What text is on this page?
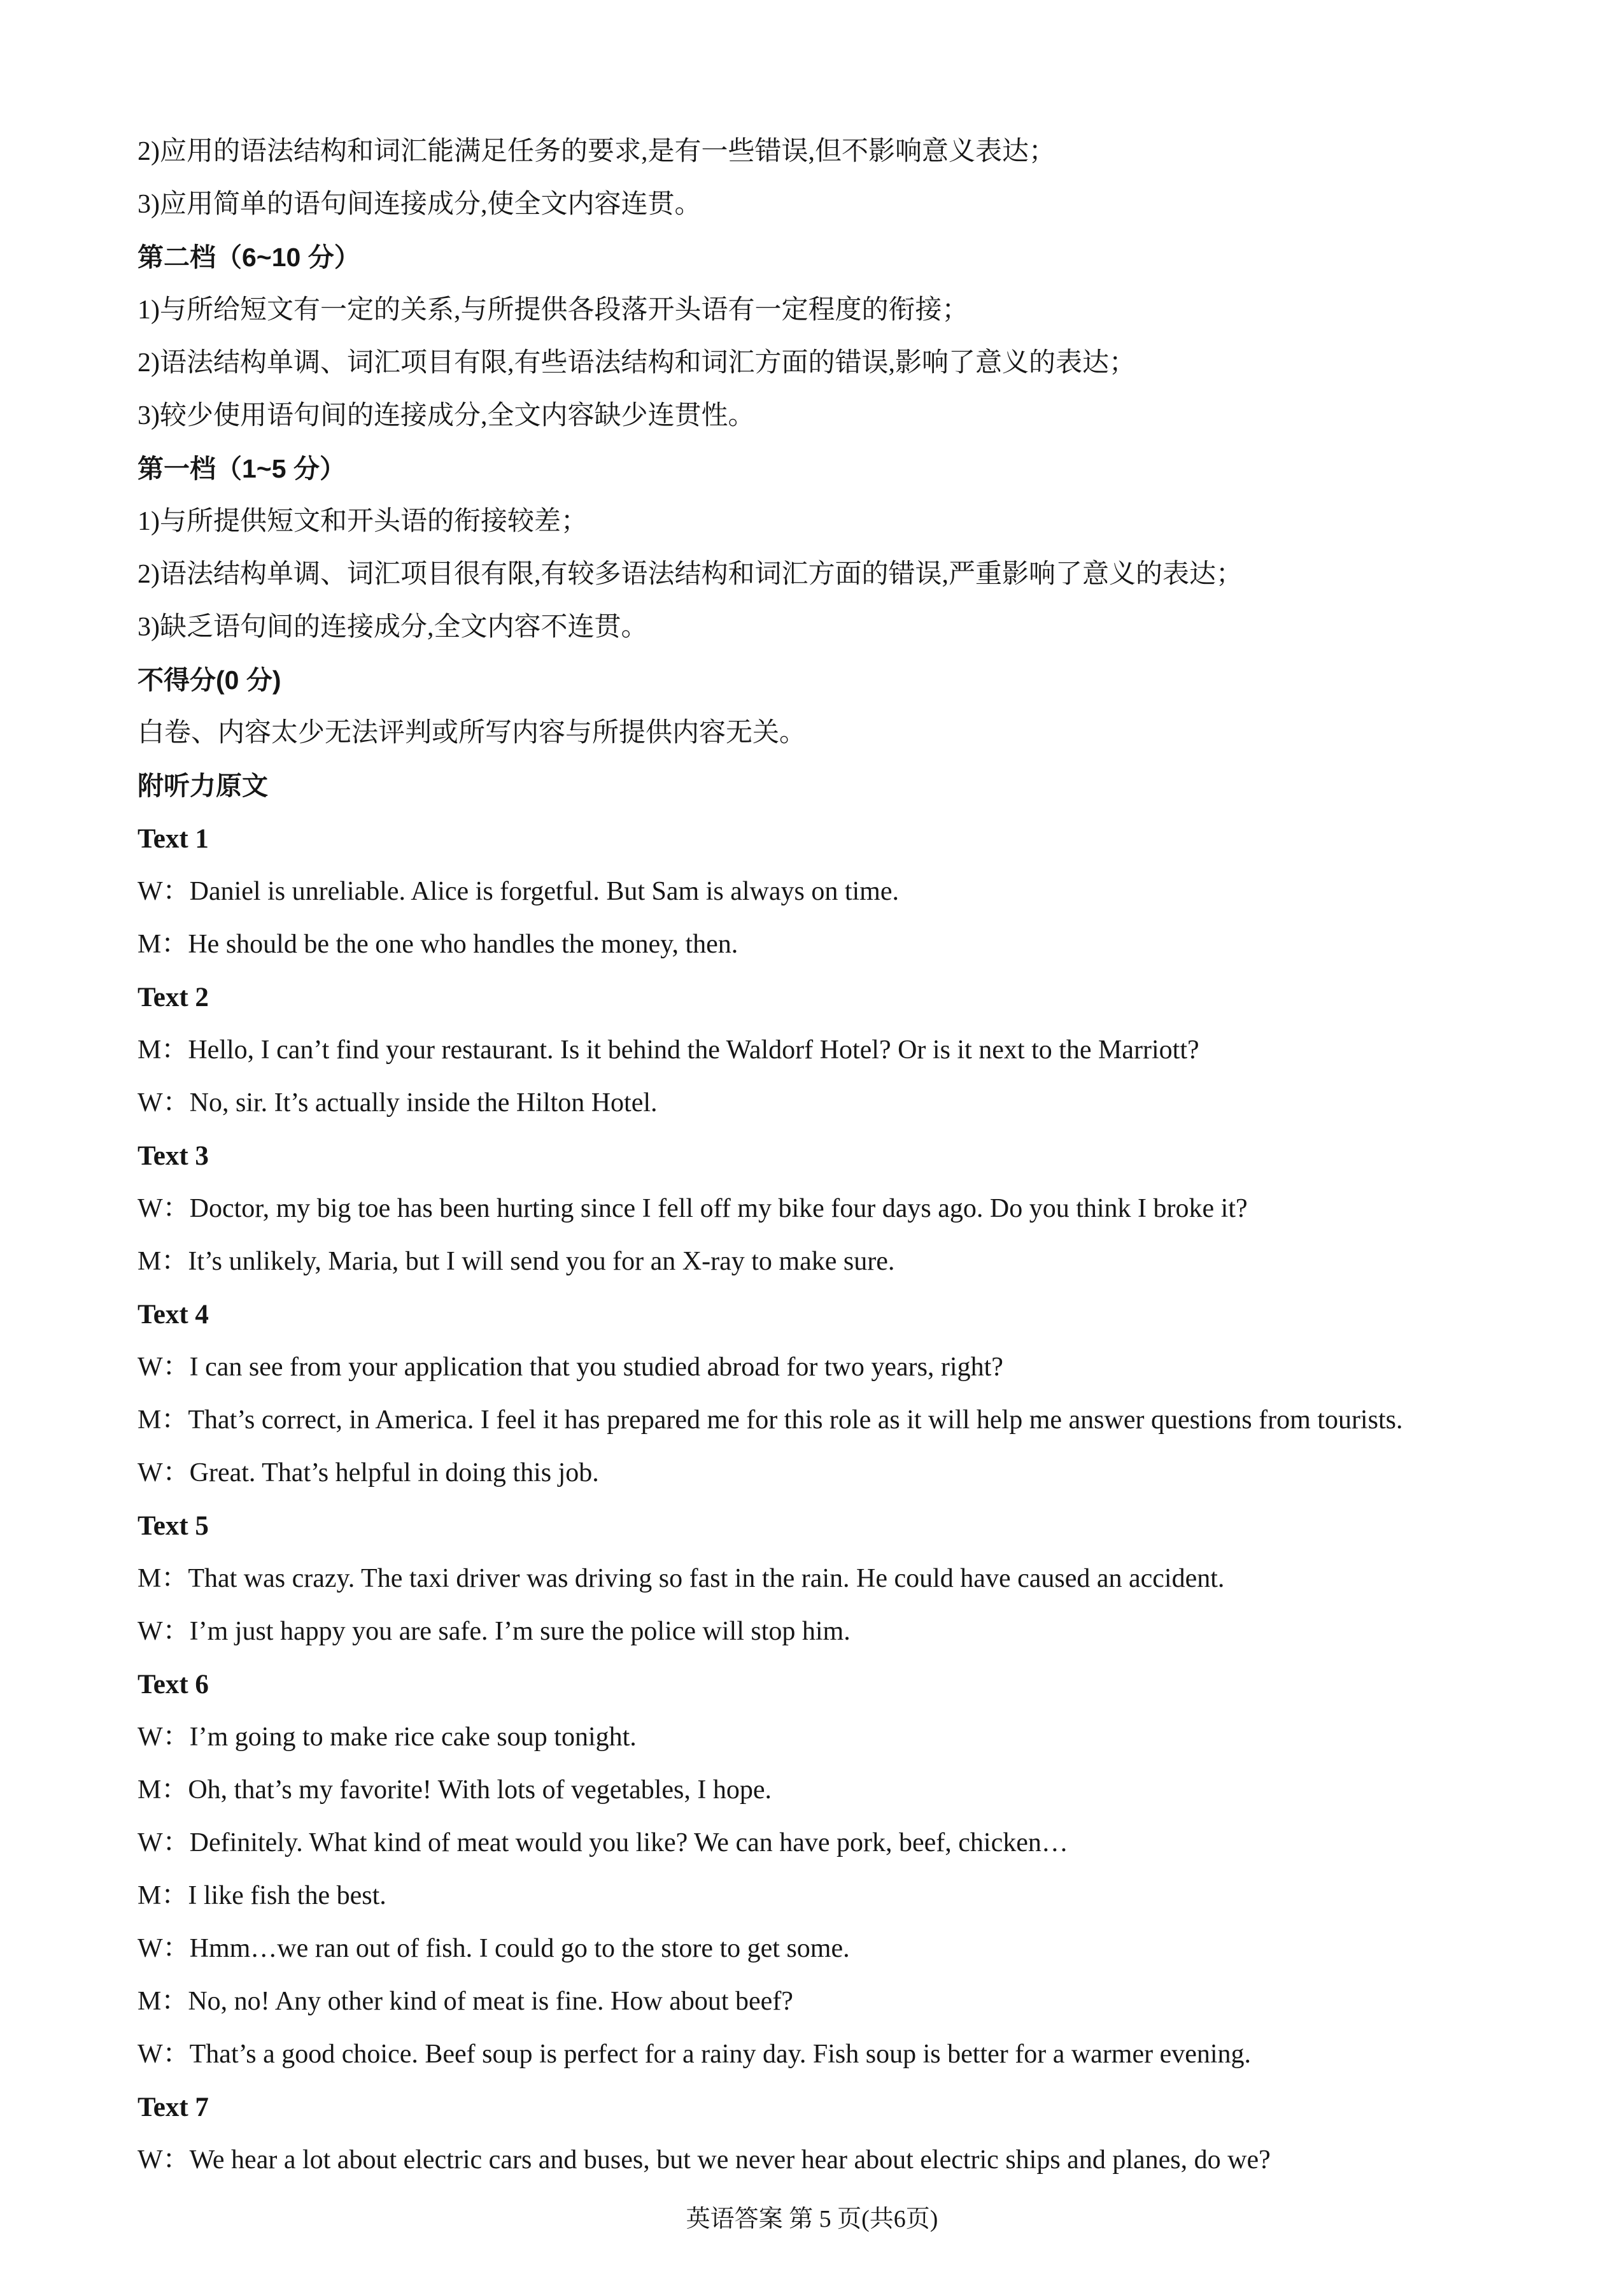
2)应用的语法结构和词汇能满足任务的要求,是有一些错误,但不影响意义表达；
3)应用简单的语句间连接成分,使全文内容连贯。
第二档（6~10 分）
1)与所给短文有一定的关系,与所提供各段落开头语有一定程度的衔接；
2)语法结构单调、词汇项目有限,有些语法结构和词汇方面的错误,影响了意义的表达；
3)较少使用语句间的连接成分,全文内容缺少连贯性。
第一档（1~5 分）
1)与所提供短文和开头语的衔接较差；
2)语法结构单调、词汇项目很有限,有较多语法结构和词汇方面的错误,严重影响了意义的表达；
3)缺乏语句间的连接成分,全文内容不连贯。
不得分(0 分)
白卷、内容太少无法评判或所写内容与所提供内容无关。
附听力原文
Text 1
W：Daniel is unreliable. Alice is forgetful. But Sam is always on time.
M：He should be the one who handles the money, then.
Text 2
M：Hello, I can’t find your restaurant. Is it behind the Waldorf Hotel? Or is it next to the Marriott?
W：No, sir. It’s actually inside the Hilton Hotel.
Text 3
W：Doctor, my big toe has been hurting since I fell off my bike four days ago. Do you think I broke it?
M：It’s unlikely, Maria, but I will send you for an X-ray to make sure.
Text 4
W：I can see from your application that you studied abroad for two years, right?
M：That’s correct, in America. I feel it has prepared me for this role as it will help me answer questions from tourists.
W：Great. That’s helpful in doing this job.
Text 5
M：That was crazy. The taxi driver was driving so fast in the rain. He could have caused an accident.
W：I’m just happy you are safe. I’m sure the police will stop him.
Text 6
W：I’m going to make rice cake soup tonight.
M：Oh, that’s my favorite! With lots of vegetables, I hope.
W：Definitely. What kind of meat would you like? We can have pork, beef, chicken…
M：I like fish the best.
W：Hmm…we ran out of fish. I could go to the store to get some.
M：No, no! Any other kind of meat is fine. How about beef?
W：That’s a good choice. Beef soup is perfect for a rainy day. Fish soup is better for a warmer evening.
Text 7
W：We hear a lot about electric cars and buses, but we never hear about electric ships and planes, do we?
英语答案 第 5 页(共6页)
